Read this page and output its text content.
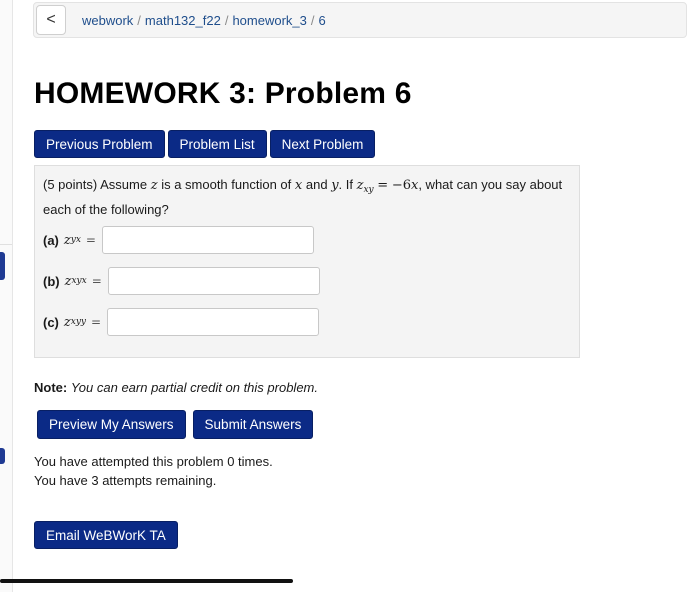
< webwork / math132_f22 / homework_3 / 6
HOMEWORK 3: Problem 6
Previous Problem	Problem List	Next Problem
(5 points) Assume z is a smooth function of x and y. If $z_{xy} = -6x$, what can you say about each of the following?
(a) z yx =
(b) z xyx =
(c) z xyy =
Note: You can earn partial credit on this problem.
Preview My Answers	Submit Answers
You have attempted this problem 0 times.
You have 3 attempts remaining.
Email WeBWorK TA
